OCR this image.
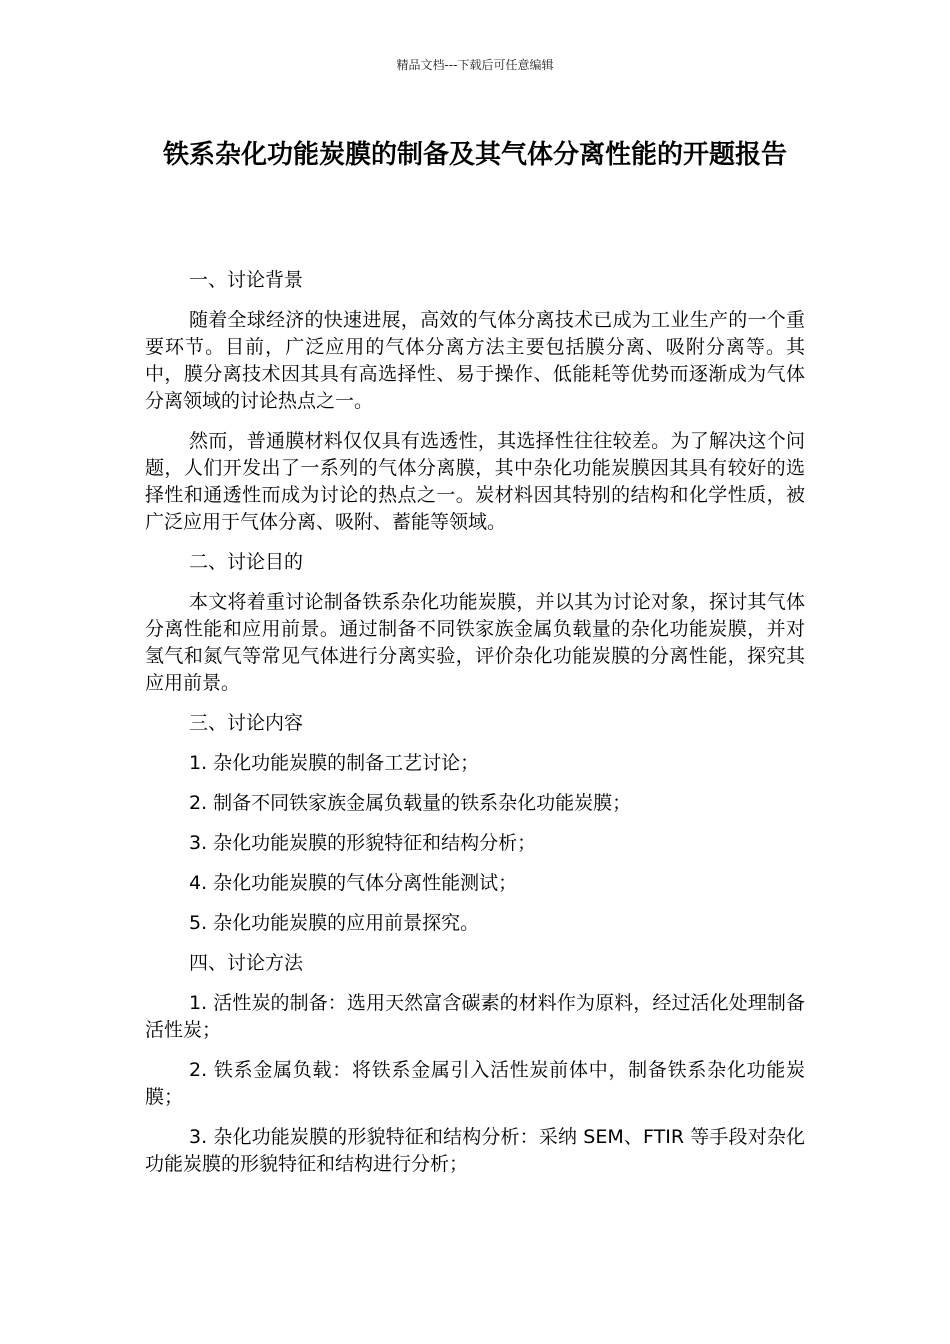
精品文档---下载后可任意编辑
铁系杂化功能炭膜的制备及其气体分离性能的开题报告

一、讨论背景

随着全球经济的快速进展，高效的气体分离技术已成为工业生产的一个重要环节。目前，广泛应用的气体分离方法主要包括膜分离、吸附分离等。其中，膜分离技术因其具有高选择性、易于操作、低能耗等优势而逐渐成为气体分离领域的讨论热点之一。

然而，普通膜材料仅仅具有选透性，其选择性往往较差。为了解决这个问题，人们开发出了一系列的气体分离膜，其中杂化功能炭膜因其具有较好的选择性和通透性而成为讨论的热点之一。炭材料因其特别的结构和化学性质，被广泛应用于气体分离、吸附、蓄能等领域。

二、讨论目的

本文将着重讨论制备铁系杂化功能炭膜，并以其为讨论对象，探讨其气体分离性能和应用前景。通过制备不同铁家族金属负载量的杂化功能炭膜，并对氢气和氮气等常见气体进行分离实验，评价杂化功能炭膜的分离性能，探究其应用前景。

三、讨论内容

1. 杂化功能炭膜的制备工艺讨论；

2. 制备不同铁家族金属负载量的铁系杂化功能炭膜；

3. 杂化功能炭膜的形貌特征和结构分析；

4. 杂化功能炭膜的气体分离性能测试；

5. 杂化功能炭膜的应用前景探究。

四、讨论方法

1. 活性炭的制备：选用天然富含碳素的材料作为原料，经过活化处理制备活性炭；

2. 铁系金属负载：将铁系金属引入活性炭前体中，制备铁系杂化功能炭膜；

3. 杂化功能炭膜的形貌特征和结构分析：采纳 SEM、FTIR 等手段对杂化功能炭膜的形貌特征和结构进行分析；
